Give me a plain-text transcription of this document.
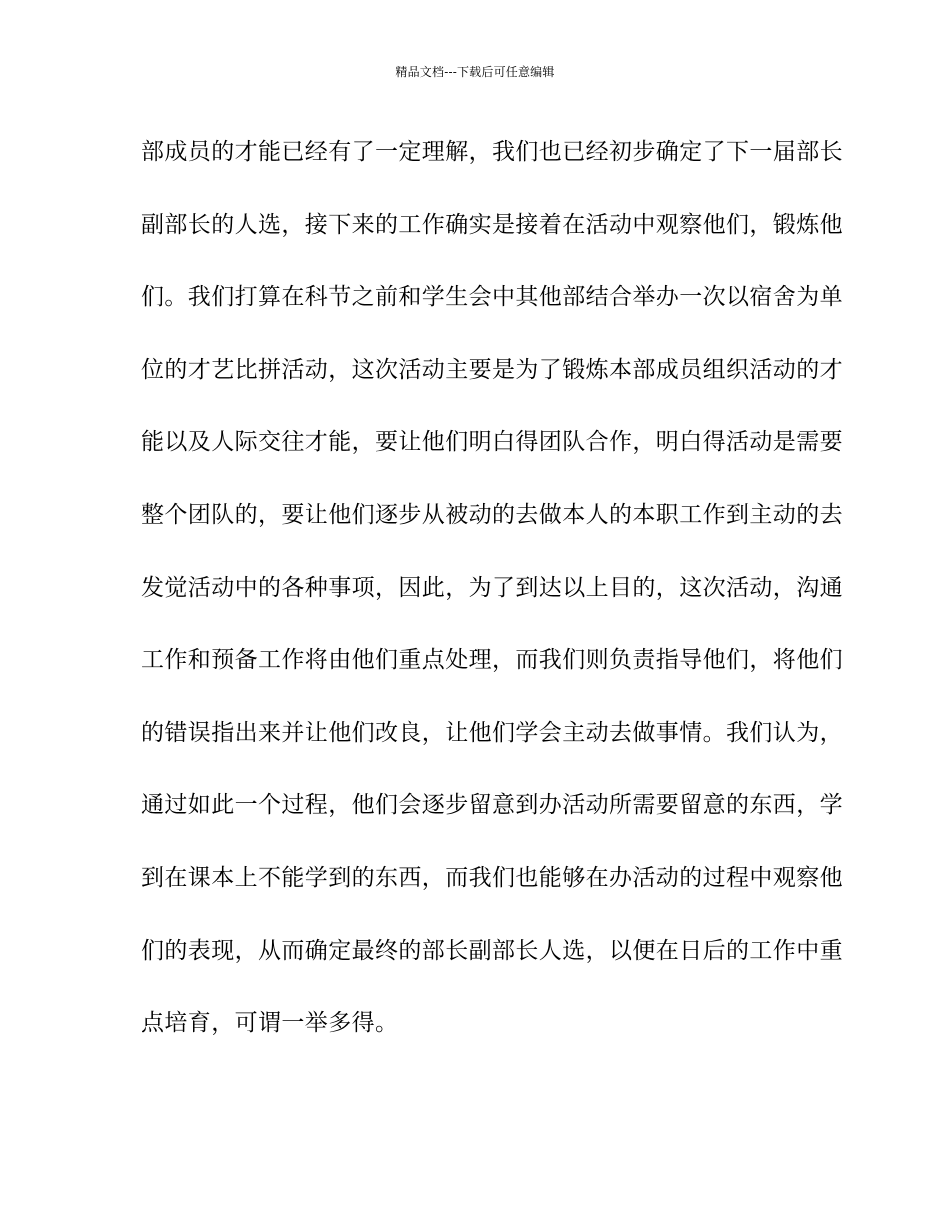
精品文档---下载后可任意编辑
部成员的才能已经有了一定理解，我们也已经初步确定了下一届部长
副部长的人选，接下来的工作确实是接着在活动中观察他们，锻炼他
们。我们打算在科节之前和学生会中其他部结合举办一次以宿舍为单
位的才艺比拼活动，这次活动主要是为了锻炼本部成员组织活动的才
能以及人际交往才能，要让他们明白得团队合作，明白得活动是需要
整个团队的，要让他们逐步从被动的去做本人的本职工作到主动的去
发觉活动中的各种事项，因此，为了到达以上目的，这次活动，沟通
工作和预备工作将由他们重点处理，而我们则负责指导他们，将他们
的错误指出来并让他们改良，让他们学会主动去做事情。我们认为，
通过如此一个过程，他们会逐步留意到办活动所需要留意的东西，学
到在课本上不能学到的东西，而我们也能够在办活动的过程中观察他
们的表现，从而确定最终的部长副部长人选，以便在日后的工作中重
点培育，可谓一举多得。
